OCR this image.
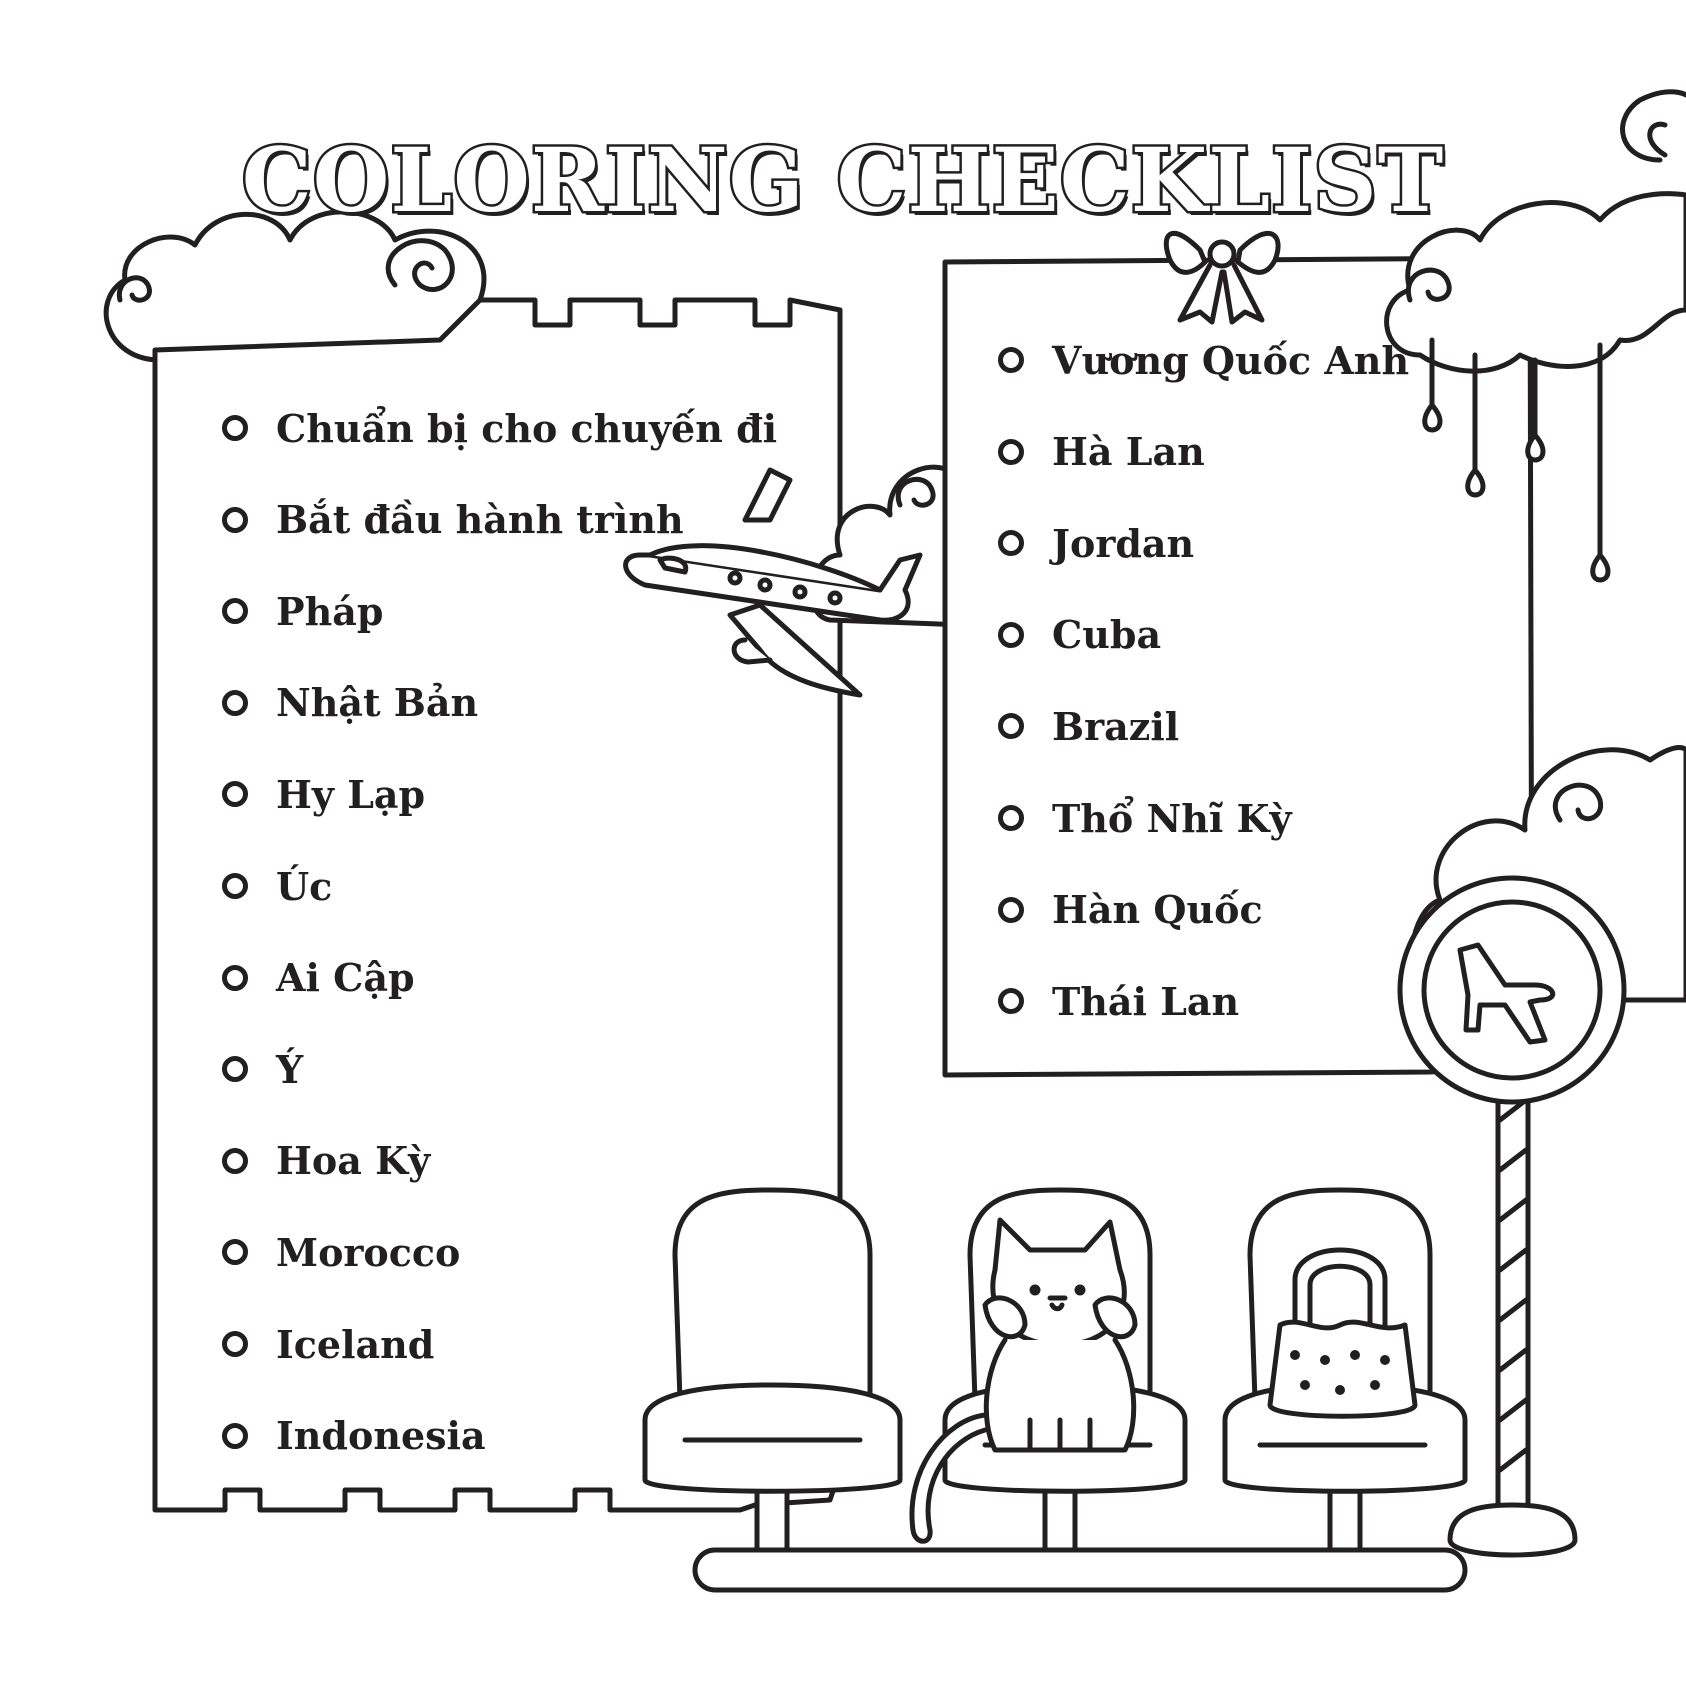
COLORING CHECKLIST
Chuẩn bị cho chuyến đi
Bắt đầu hành trình
Pháp
Nhật Bản
Hy Lạp
Úc
Ai Cập
Ý
Hoa Kỳ
Morocco
Iceland
Indonesia
Vương Quốc Anh
Hà Lan
Jordan
Cuba
Brazil
Thổ Nhĩ Kỳ
Hàn Quốc
Thái Lan
